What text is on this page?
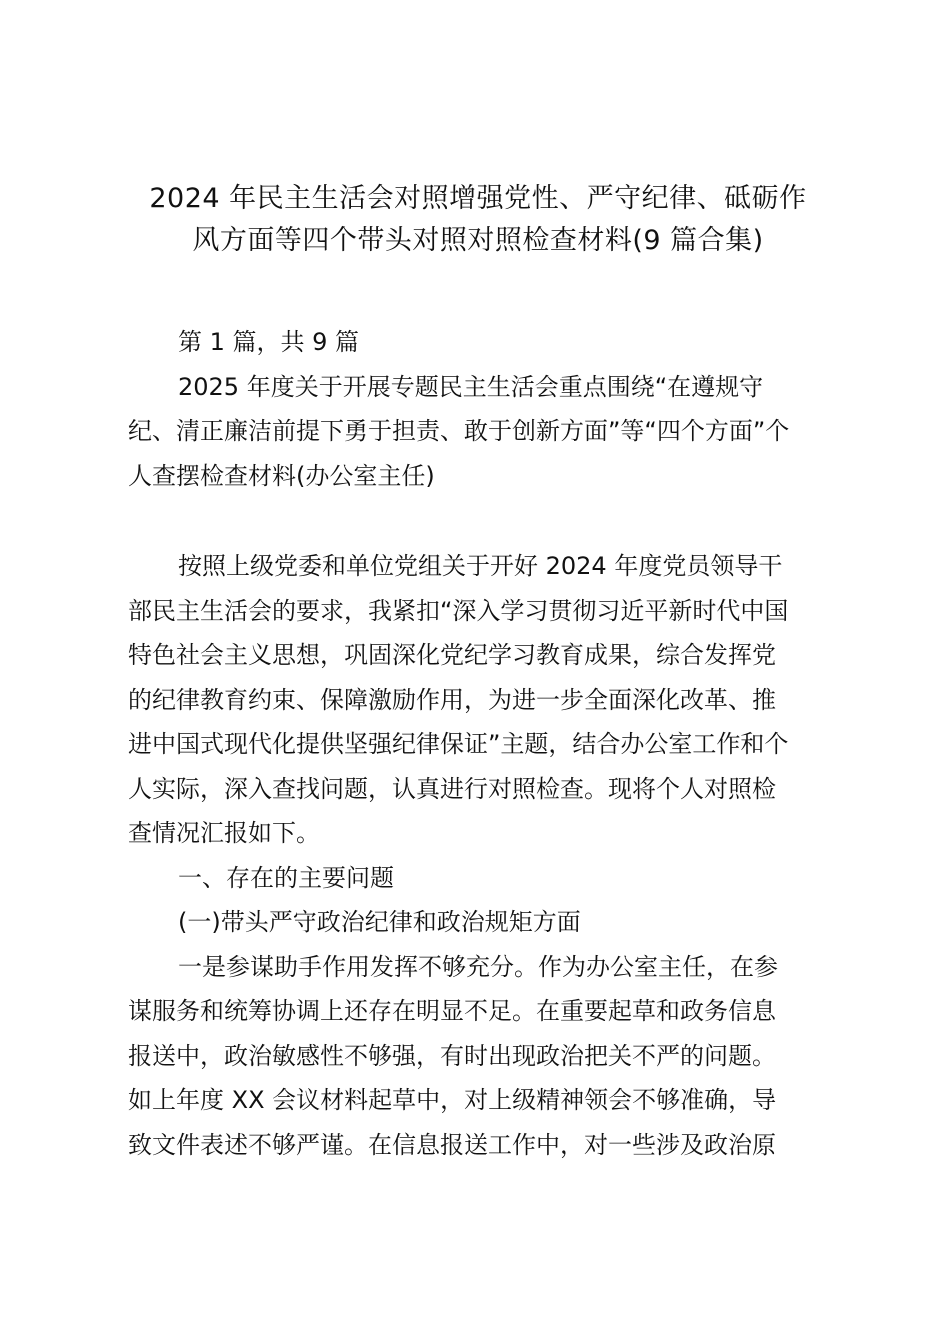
2024 年民主生活会对照增强党性、严守纪律、砥砺作
风方面等四个带头对照对照检查材料(9 篇合集)
第 1 篇，共 9 篇
2025 年度关于开展专题民主生活会重点围绕“在遵规守
纪、清正廉洁前提下勇于担责、敢于创新方面”等“四个方面”个
人查摆检查材料(办公室主任)
按照上级党委和单位党组关于开好 2024 年度党员领导干
部民主生活会的要求，我紧扣“深入学习贯彻习近平新时代中国
特色社会主义思想，巩固深化党纪学习教育成果，综合发挥党
的纪律教育约束、保障激励作用，为进一步全面深化改革、推
进中国式现代化提供坚强纪律保证”主题，结合办公室工作和个
人实际，深入查找问题，认真进行对照检查。现将个人对照检
查情况汇报如下。
一、存在的主要问题
(一)带头严守政治纪律和政治规矩方面
一是参谋助手作用发挥不够充分。作为办公室主任，在参
谋服务和统筹协调上还存在明显不足。在重要起草和政务信息
报送中，政治敏感性不够强，有时出现政治把关不严的问题。
如上年度 XX 会议材料起草中，对上级精神领会不够准确，导
致文件表述不够严谨。在信息报送工作中，对一些涉及政治原
